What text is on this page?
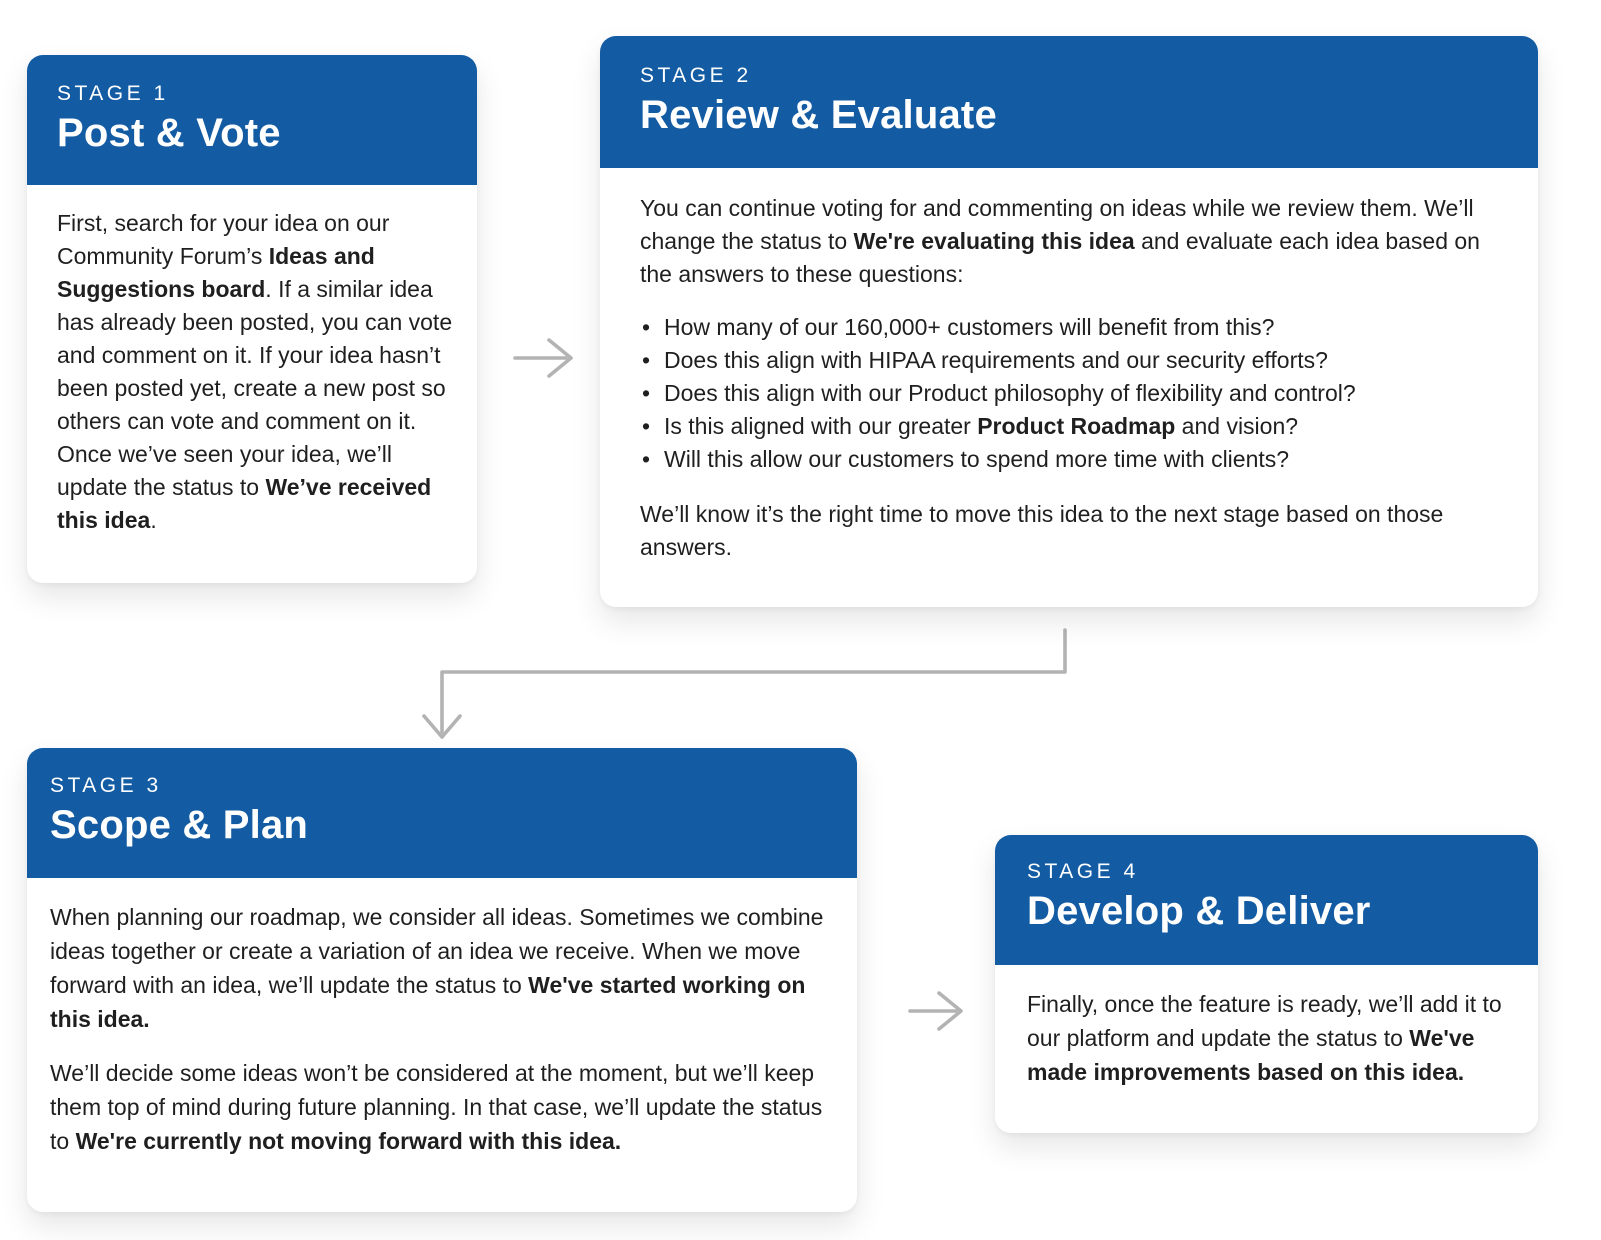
STAGE 1
Post & Vote

First, search for your idea on our Community Forum’s Ideas and Suggestions board. If a similar idea has already been posted, you can vote and comment on it. If your idea hasn’t been posted yet, create a new post so others can vote and comment on it. Once we’ve seen your idea, we’ll update the status to We’ve received this idea.

STAGE 2
Review & Evaluate

You can continue voting for and commenting on ideas while we review them. We’ll change the status to We're evaluating this idea and evaluate each idea based on the answers to these questions:

• How many of our 160,000+ customers will benefit from this?
• Does this align with HIPAA requirements and our security efforts?
• Does this align with our Product philosophy of flexibility and control?
• Is this aligned with our greater Product Roadmap and vision?
• Will this allow our customers to spend more time with clients?

We’ll know it’s the right time to move this idea to the next stage based on those answers.

STAGE 3
Scope & Plan

When planning our roadmap, we consider all ideas. Sometimes we combine ideas together or create a variation of an idea we receive. When we move forward with an idea, we’ll update the status to We've started working on this idea.

We’ll decide some ideas won’t be considered at the moment, but we’ll keep them top of mind during future planning. In that case, we’ll update the status to We're currently not moving forward with this idea.

STAGE 4
Develop & Deliver

Finally, once the feature is ready, we’ll add it to our platform and update the status to We've made improvements based on this idea.
